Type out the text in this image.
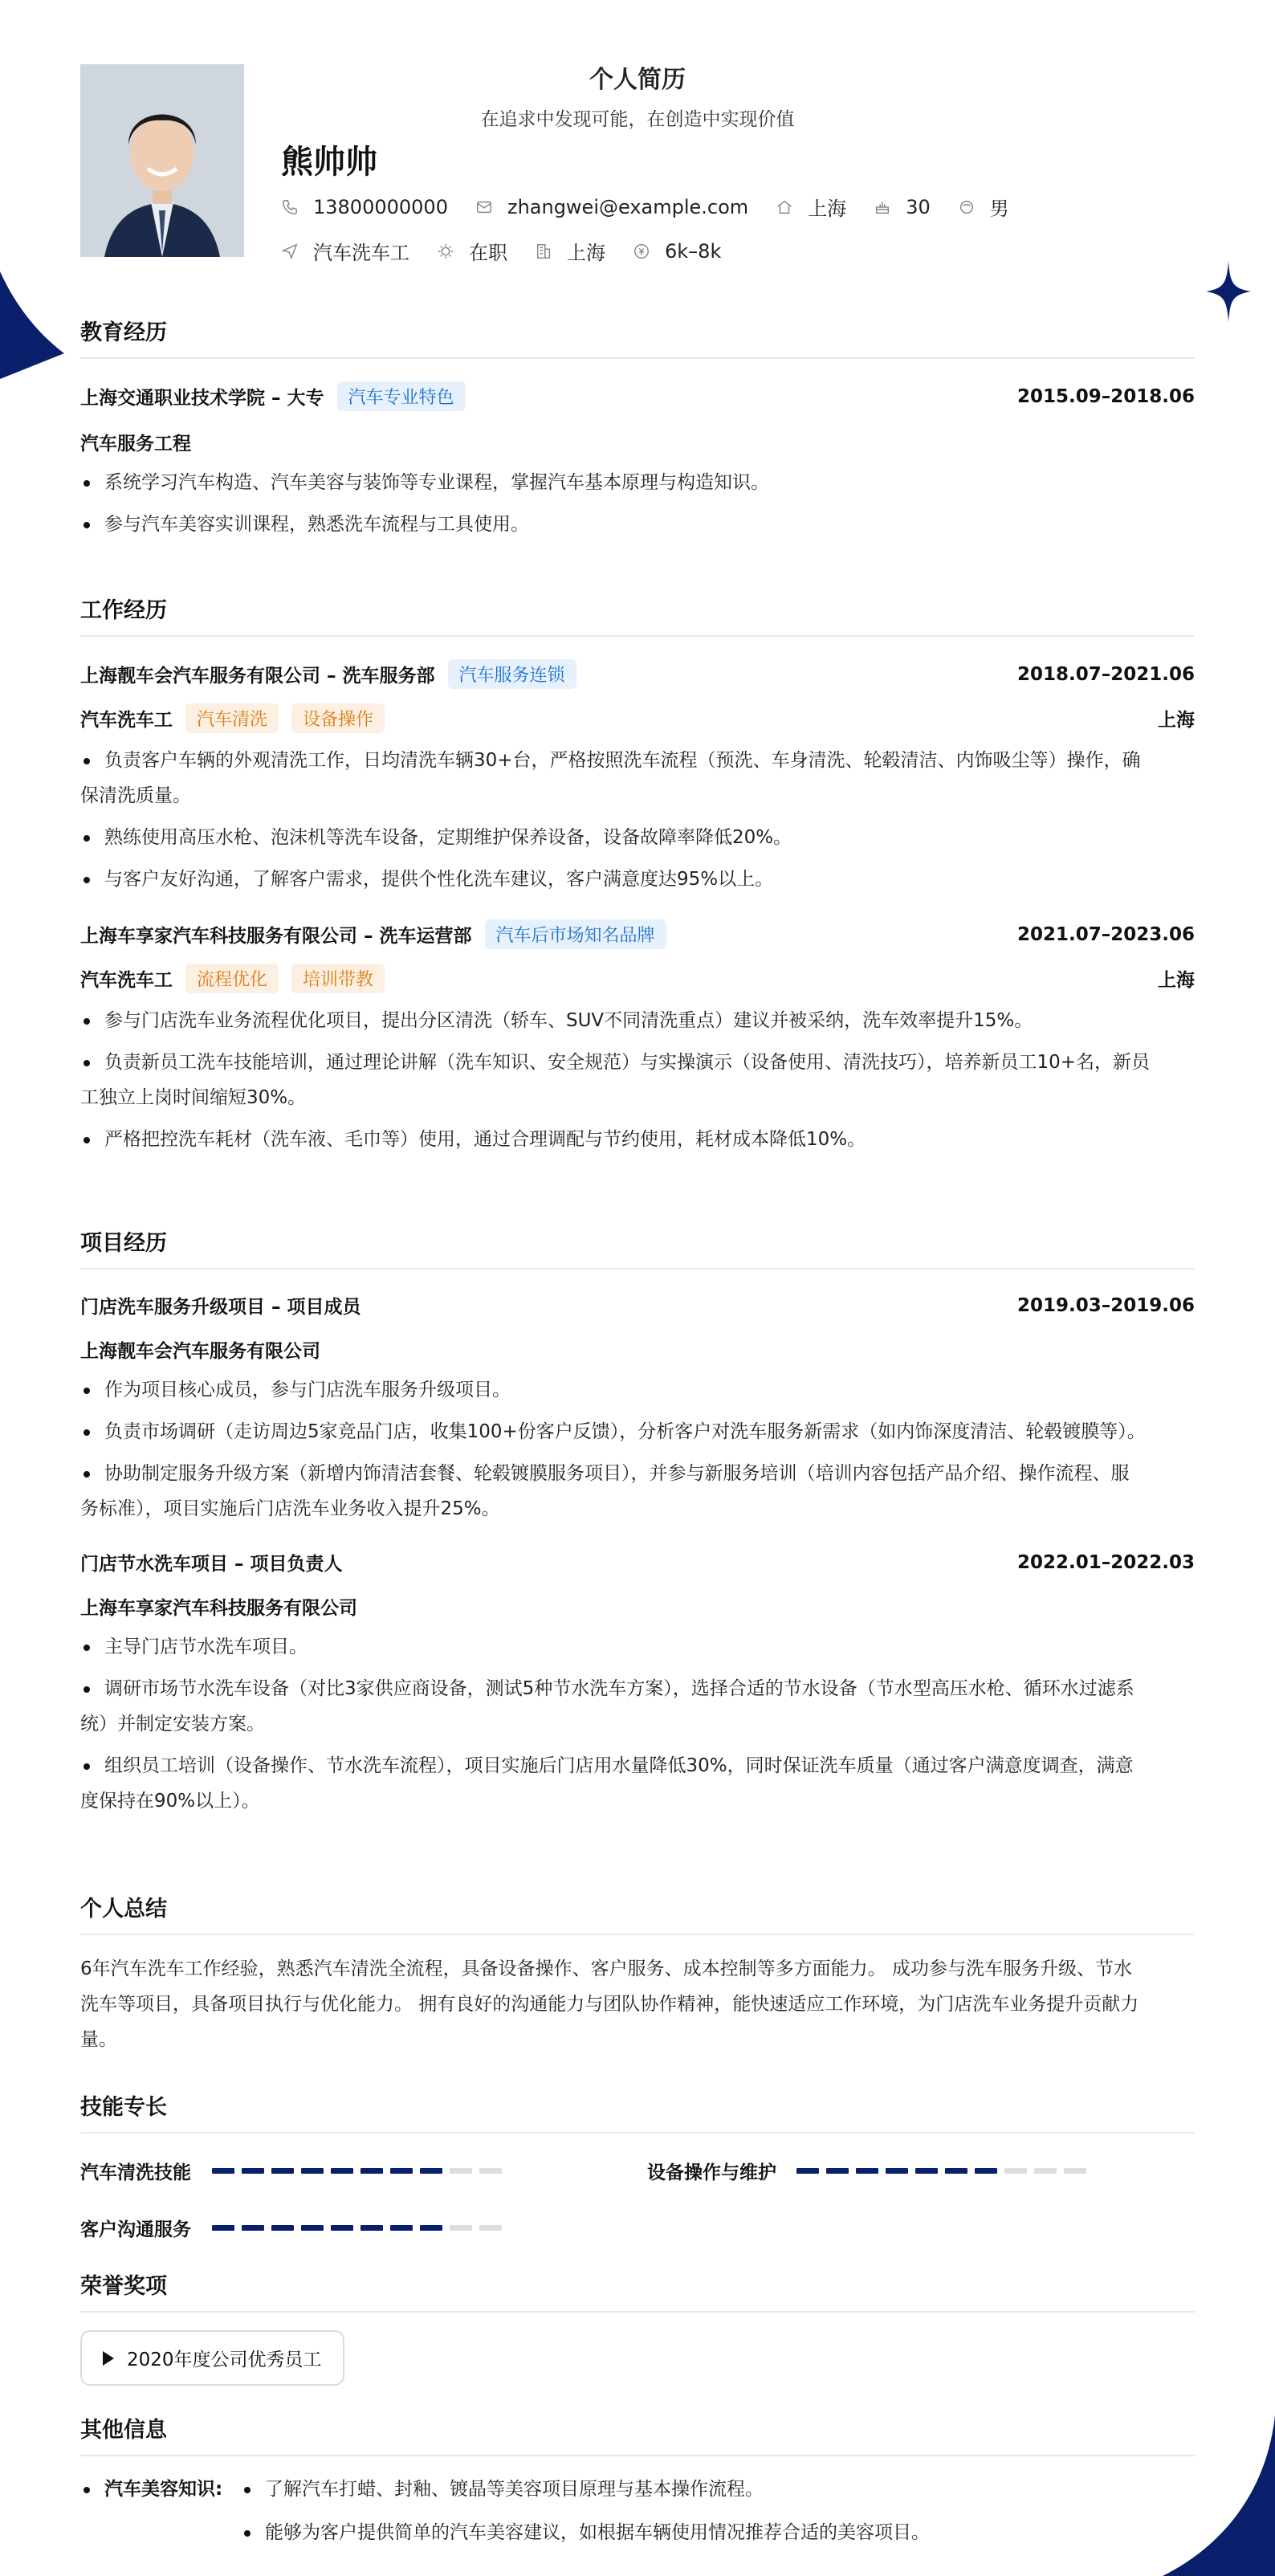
个人简历
在追求中发现可能，在创造中实现价值
熊帅帅
13800000000	zhangwei@example.com	上海	30	男
汽车洗车工	在职	上海	6k–8k
教育经历
上海交通职业技术学院 – 大专	汽车专业特色	2015.09–2018.06
汽车服务工程
系统学习汽车构造、汽车美容与装饰等专业课程，掌握汽车基本原理与构造知识。
参与汽车美容实训课程，熟悉洗车流程与工具使用。
工作经历
上海靓车会汽车服务有限公司 – 洗车服务部	汽车服务连锁	2018.07–2021.06
汽车洗车工	汽车清洗	设备操作	上海
负责客户车辆的外观清洗工作，日均清洗车辆30+台，严格按照洗车流程（预洗、车身清洗、轮毂清洁、内饰吸尘等）操作，确
保清洗质量。
熟练使用高压水枪、泡沫机等洗车设备，定期维护保养设备，设备故障率降低20%。
与客户友好沟通，了解客户需求，提供个性化洗车建议，客户满意度达95%以上。
上海车享家汽车科技服务有限公司 – 洗车运营部	汽车后市场知名品牌	2021.07–2023.06
汽车洗车工	流程优化	培训带教	上海
参与门店洗车业务流程优化项目，提出分区清洗（轿车、SUV不同清洗重点）建议并被采纳，洗车效率提升15%。
负责新员工洗车技能培训，通过理论讲解（洗车知识、安全规范）与实操演示（设备使用、清洗技巧），培养新员工10+名，新员
工独立上岗时间缩短30%。
严格把控洗车耗材（洗车液、毛巾等）使用，通过合理调配与节约使用，耗材成本降低10%。
项目经历
门店洗车服务升级项目 – 项目成员	2019.03–2019.06
上海靓车会汽车服务有限公司
作为项目核心成员，参与门店洗车服务升级项目。
负责市场调研（走访周边5家竞品门店，收集100+份客户反馈），分析客户对洗车服务新需求（如内饰深度清洁、轮毂镀膜等）。
协助制定服务升级方案（新增内饰清洁套餐、轮毂镀膜服务项目），并参与新服务培训（培训内容包括产品介绍、操作流程、服
务标准），项目实施后门店洗车业务收入提升25%。
门店节水洗车项目 – 项目负责人	2022.01–2022.03
上海车享家汽车科技服务有限公司
主导门店节水洗车项目。
调研市场节水洗车设备（对比3家供应商设备，测试5种节水洗车方案），选择合适的节水设备（节水型高压水枪、循环水过滤系
统）并制定安装方案。
组织员工培训（设备操作、节水洗车流程），项目实施后门店用水量降低30%，同时保证洗车质量（通过客户满意度调查，满意
度保持在90%以上）。
个人总结
6年汽车洗车工作经验，熟悉汽车清洗全流程，具备设备操作、客户服务、成本控制等多方面能力。 成功参与洗车服务升级、节水
洗车等项目，具备项目执行与优化能力。 拥有良好的沟通能力与团队协作精神，能快速适应工作环境，为门店洗车业务提升贡献力
量。
技能专长
汽车清洗技能	设备操作与维护
客户沟通服务
荣誉奖项
2020年度公司优秀员工
其他信息
汽车美容知识:	了解汽车打蜡、封釉、镀晶等美容项目原理与基本操作流程。
能够为客户提供简单的汽车美容建议，如根据车辆使用情况推荐合适的美容项目。
